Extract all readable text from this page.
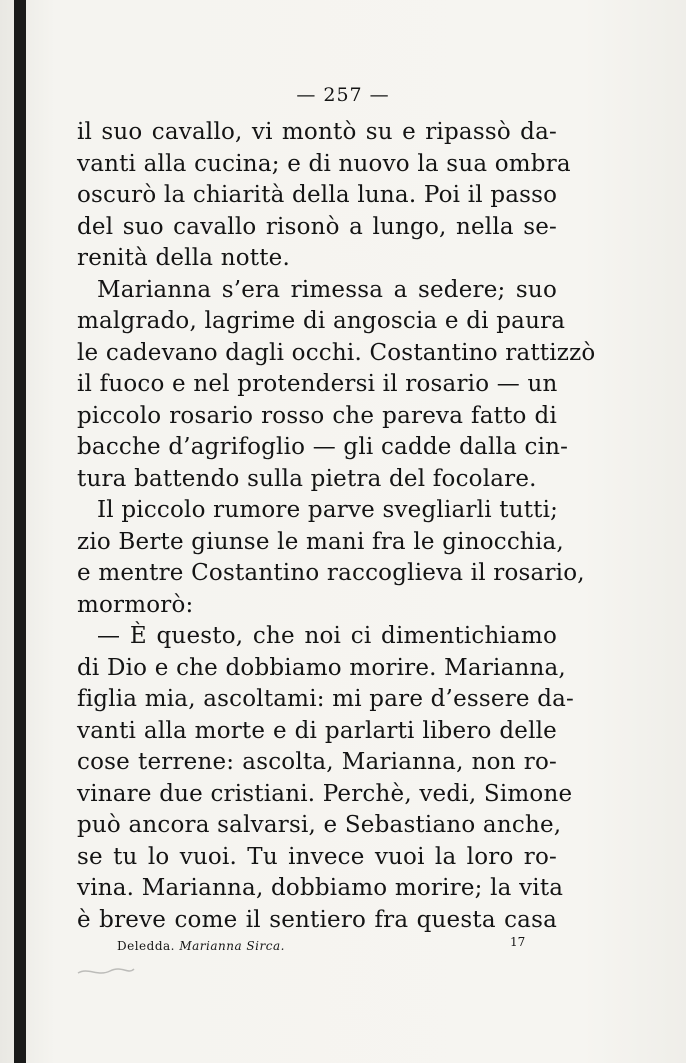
— 257 —
il suo cavallo, vi montò su e ripassò da-
vanti alla cucina; e di nuovo la sua ombra
oscurò la chiarità della luna. Poi il passo
del suo cavallo risonò a lungo, nella se-
renità della notte.
Marianna s’era rimessa a sedere; suo
malgrado, lagrime di angoscia e di paura
le cadevano dagli occhi. Costantino rattizzò
il fuoco e nel protendersi il rosario — un
piccolo rosario rosso che pareva fatto di
bacche d’agrifoglio — gli cadde dalla cin-
tura battendo sulla pietra del focolare.
Il piccolo rumore parve svegliarli tutti;
zio Berte giunse le mani fra le ginocchia,
e mentre Costantino raccoglieva il rosario,
mormorò:
— È questo, che noi ci dimentichiamo
di Dio e che dobbiamo morire. Marianna,
figlia mia, ascoltami: mi pare d’essere da-
vanti alla morte e di parlarti libero delle
cose terrene: ascolta, Marianna, non ro-
vinare due cristiani. Perchè, vedi, Simone
può ancora salvarsi, e Sebastiano anche,
se tu lo vuoi. Tu invece vuoi la loro ro-
vina. Marianna, dobbiamo morire; la vita
è breve come il sentiero fra questa casa
Deledda. Marianna Sirca.	17
